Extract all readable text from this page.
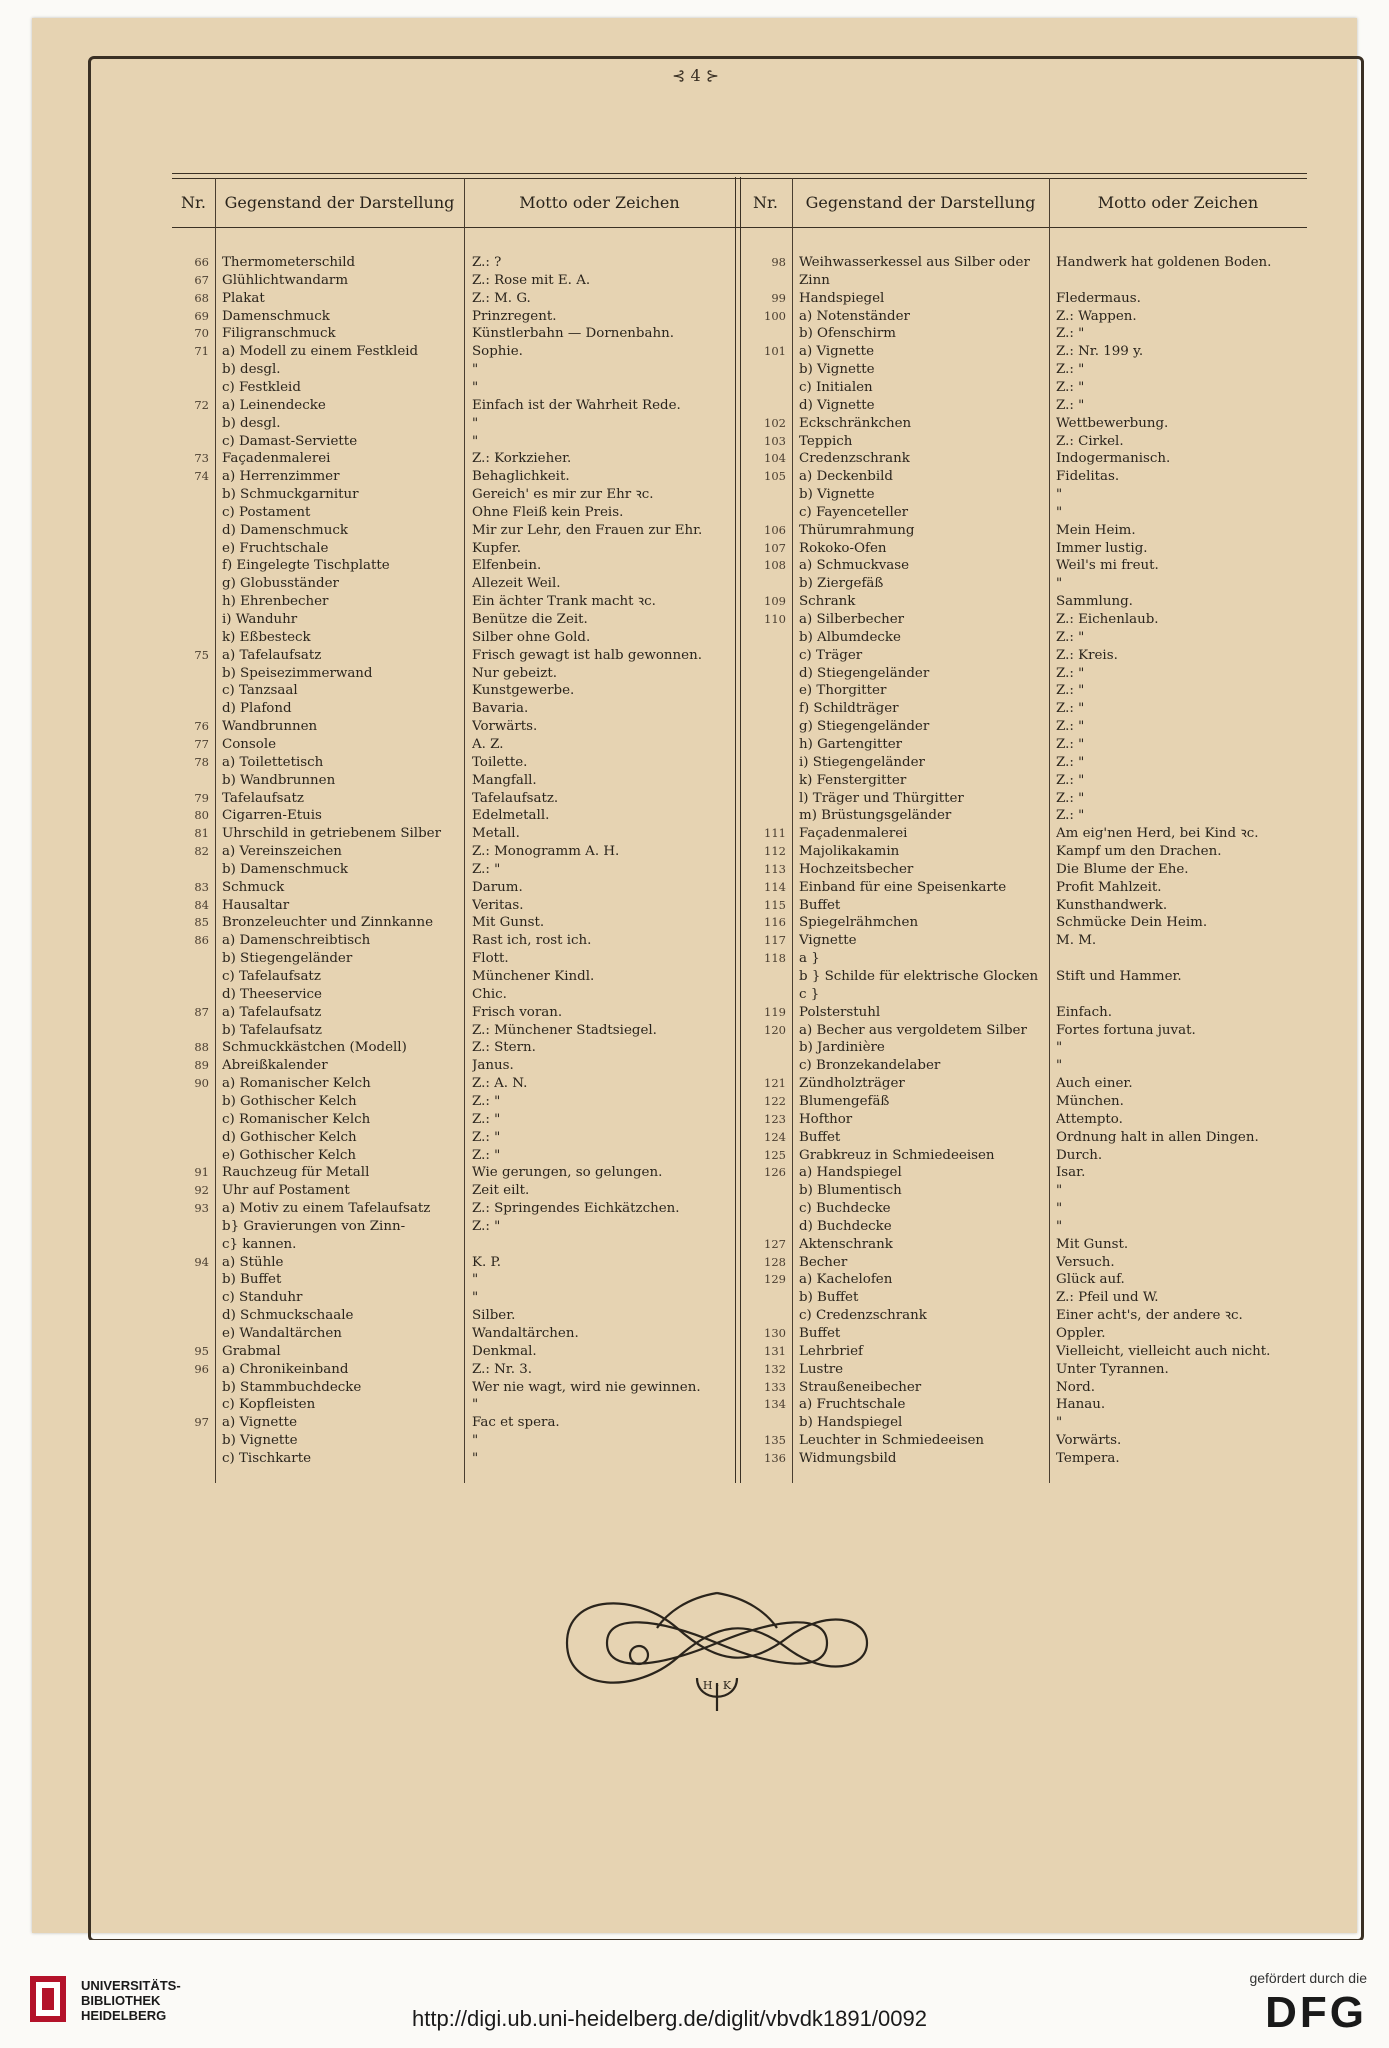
⊰ 4 ⊱
Nr.	Gegenstand der Darstellung	Motto oder Zeichen	Nr.	Gegenstand der Darstellung	Motto oder Zeichen
66 Thermometerschild	Z.: ?
67 Glühlichtwandarm	Z.: Rose mit E. A.
68 Plakat	Z.: M. G.
69 Damenschmuck	Prinzregent.
70 Filigranschmuck	Künstlerbahn — Dornenbahn.
71 a) Modell zu einem Festkleid	Sophie.
b) desgl.	"
c) Festkleid	"
72 a) Leinendecke	Einfach ist der Wahrheit Rede.
b) desgl.	"
c) Damast-Serviette	"
73 Façadenmalerei	Z.: Korkzieher.
74 a) Herrenzimmer	Behaglichkeit.
b) Schmuckgarnitur	Gereich' es mir zur Ehr ꝛc.
c) Postament	Ohne Fleiß kein Preis.
d) Damenschmuck	Mir zur Lehr, den Frauen zur Ehr.
e) Fruchtschale	Kupfer.
f) Eingelegte Tischplatte	Elfenbein.
g) Globusständer	Allezeit Weil.
h) Ehrenbecher	Ein ächter Trank macht ꝛc.
i) Wanduhr	Benütze die Zeit.
k) Eßbesteck	Silber ohne Gold.
75 a) Tafelaufsatz	Frisch gewagt ist halb gewonnen.
b) Speisezimmerwand	Nur gebeizt.
c) Tanzsaal	Kunstgewerbe.
d) Plafond	Bavaria.
76 Wandbrunnen	Vorwärts.
77 Console	A. Z.
78 a) Toilettetisch	Toilette.
b) Wandbrunnen	Mangfall.
79 Tafelaufsatz	Tafelaufsatz.
80 Cigarren-Etuis	Edelmetall.
81 Uhrschild in getriebenem Silber	Metall.
82 a) Vereinszeichen	Z.: Monogramm A. H.
b) Damenschmuck	Z.: "
83 Schmuck	Darum.
84 Hausaltar	Veritas.
85 Bronzeleuchter und Zinnkanne	Mit Gunst.
86 a) Damenschreibtisch	Rast ich, rost ich.
b) Stiegengeländer	Flott.
c) Tafelaufsatz	Münchener Kindl.
d) Theeservice	Chic.
87 a) Tafelaufsatz	Frisch voran.
b) Tafelaufsatz	Z.: Münchener Stadtsiegel.
88 Schmuckkästchen (Modell)	Z.: Stern.
89 Abreißkalender	Janus.
90 a) Romanischer Kelch	Z.: A. N.
b) Gothischer Kelch	Z.: "
c) Romanischer Kelch	Z.: "
d) Gothischer Kelch	Z.: "
e) Gothischer Kelch	Z.: "
91 Rauchzeug für Metall	Wie gerungen, so gelungen.
92 Uhr auf Postament	Zeit eilt.
93 a) Motiv zu einem Tafelaufsatz	Z.: Springendes Eichkätzchen.
b} Gravierungen von Zinn-	Z.: "
c} kannen.
94 a) Stühle	K. P.
b) Buffet	"
c) Standuhr	"
d) Schmuckschaale	Silber.
e) Wandaltärchen	Wandaltärchen.
95 Grabmal	Denkmal.
96 a) Chronikeinband	Z.: Nr. 3.
b) Stammbuchdecke	Wer nie wagt, wird nie gewinnen.
c) Kopfleisten	"
97 a) Vignette	Fac et spera.
b) Vignette	"
c) Tischkarte	"
98 Weihwasserkessel aus Silber oder	Handwerk hat goldenen Boden.
Zinn
99 Handspiegel	Fledermaus.
100 a) Notenständer	Z.: Wappen.
b) Ofenschirm	Z.: "
101 a) Vignette	Z.: Nr. 199 y.
b) Vignette	Z.: "
c) Initialen	Z.: "
d) Vignette	Z.: "
102 Eckschränkchen	Wettbewerbung.
103 Teppich	Z.: Cirkel.
104 Credenzschrank	Indogermanisch.
105 a) Deckenbild	Fidelitas.
b) Vignette	"
c) Fayenceteller	"
106 Thürumrahmung	Mein Heim.
107 Rokoko-Ofen	Immer lustig.
108 a) Schmuckvase	Weil's mi freut.
b) Ziergefäß	"
109 Schrank	Sammlung.
110 a) Silberbecher	Z.: Eichenlaub.
b) Albumdecke	Z.: "
c) Träger	Z.: Kreis.
d) Stiegengeländer	Z.: "
e) Thorgitter	Z.: "
f) Schildträger	Z.: "
g) Stiegengeländer	Z.: "
h) Gartengitter	Z.: "
i) Stiegengeländer	Z.: "
k) Fenstergitter	Z.: "
l) Träger und Thürgitter	Z.: "
m) Brüstungsgeländer	Z.: "
111 Façadenmalerei	Am eig'nen Herd, bei Kind ꝛc.
112 Majolikakamin	Kampf um den Drachen.
113 Hochzeitsbecher	Die Blume der Ehe.
114 Einband für eine Speisenkarte	Profit Mahlzeit.
115 Buffet	Kunsthandwerk.
116 Spiegelrähmchen	Schmücke Dein Heim.
117 Vignette	M. M.
118 a }
b } Schilde für elektrische Glocken	Stift und Hammer.
c }
119 Polsterstuhl	Einfach.
120 a) Becher aus vergoldetem Silber	Fortes fortuna juvat.
b) Jardinière	"
c) Bronzekandelaber	"
121 Zündholzträger	Auch einer.
122 Blumengefäß	München.
123 Hofthor	Attempto.
124 Buffet	Ordnung halt in allen Dingen.
125 Grabkreuz in Schmiedeeisen	Durch.
126 a) Handspiegel	Isar.
b) Blumentisch	"
c) Buchdecke	"
d) Buchdecke	"
127 Aktenschrank	Mit Gunst.
128 Becher	Versuch.
129 a) Kachelofen	Glück auf.
b) Buffet	Z.: Pfeil und W.
c) Credenzschrank	Einer acht's, der andere ꝛc.
130 Buffet	Oppler.
131 Lehrbrief	Vielleicht, vielleicht auch nicht.
132 Lustre	Unter Tyrannen.
133 Straußeneibecher	Nord.
134 a) Fruchtschale	Hanau.
b) Handspiegel	"
135 Leuchter in Schmiedeeisen	Vorwärts.
136 Widmungsbild	Tempera.
H · K
UNIVERSITÄTS-
BIBLIOTHEK
HEIDELBERG	http://digi.ub.uni-heidelberg.de/diglit/vbvdk1891/0092
gefördert durch die
DFG
